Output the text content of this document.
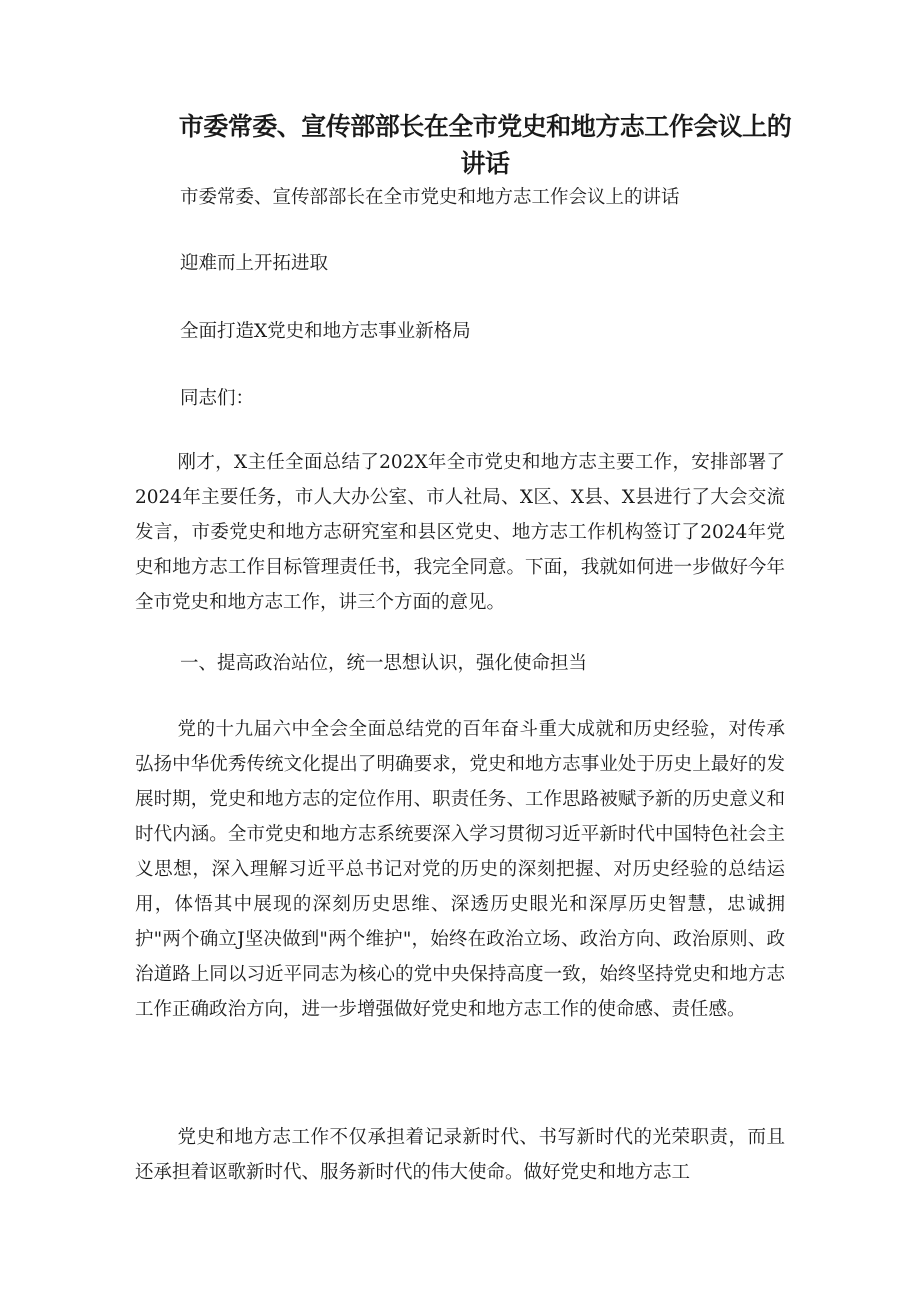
市委常委、宣传部部长在全市党史和地方志工作会议上的讲话
市委常委、宣传部部长在全市党史和地方志工作会议上的讲话
迎难而上开拓进取
全面打造X党史和地方志事业新格局
同志们：
刚才，X主任全面总结了202X年全市党史和地方志主要工作，安排部署了2024年主要任务，市人大办公室、市人社局、X区、X县、X县进行了大会交流发言，市委党史和地方志研究室和县区党史、地方志工作机构签订了2024年党史和地方志工作目标管理责任书，我完全同意。下面，我就如何进一步做好今年全市党史和地方志工作，讲三个方面的意见。
一、提高政治站位，统一思想认识，强化使命担当
党的十九届六中全会全面总结党的百年奋斗重大成就和历史经验，对传承弘扬中华优秀传统文化提出了明确要求，党史和地方志事业处于历史上最好的发展时期，党史和地方志的定位作用、职责任务、工作思路被赋予新的历史意义和时代内涵。全市党史和地方志系统要深入学习贯彻习近平新时代中国特色社会主义思想，深入理解习近平总书记对党的历史的深刻把握、对历史经验的总结运用，体悟其中展现的深刻历史思维、深透历史眼光和深厚历史智慧，忠诚拥护"两个确立J坚决做到"两个维护"，始终在政治立场、政治方向、政治原则、政治道路上同以习近平同志为核心的党中央保持高度一致，始终坚持党史和地方志工作正确政治方向，进一步增强做好党史和地方志工作的使命感、责任感。
党史和地方志工作不仅承担着记录新时代、书写新时代的光荣职责，而且还承担着讴歌新时代、服务新时代的伟大使命。做好党史和地方志工
